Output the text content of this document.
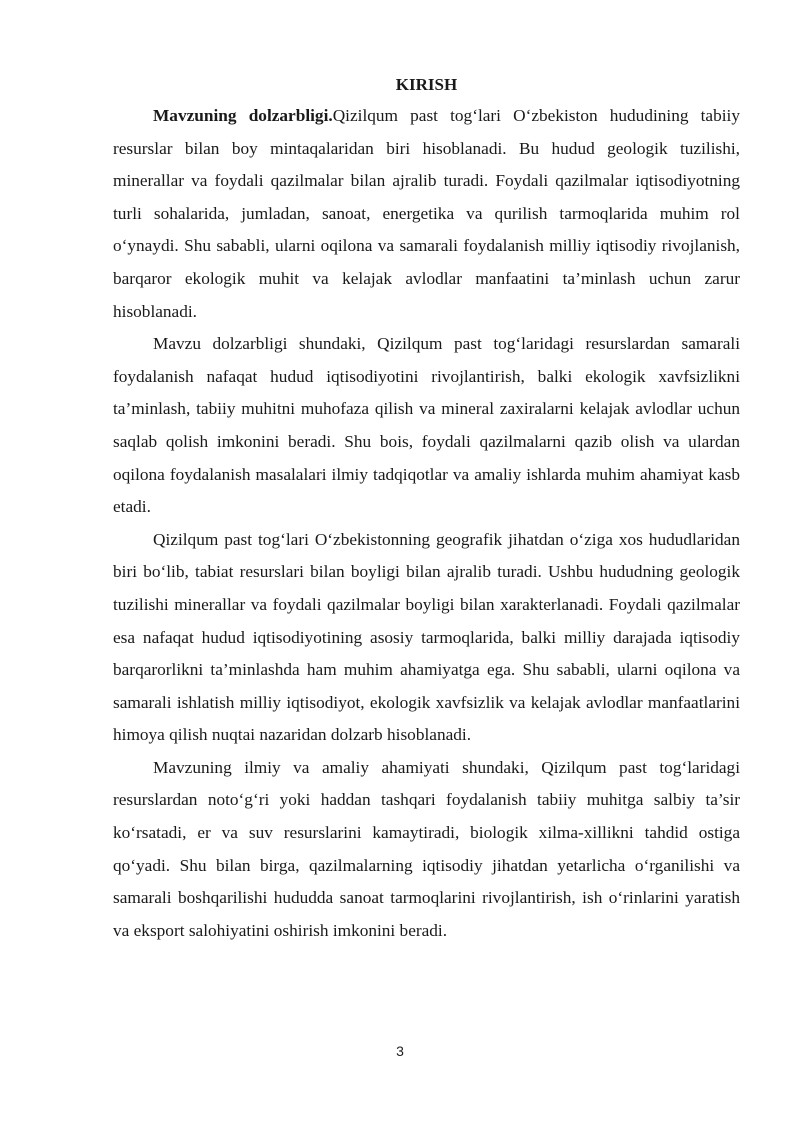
KIRISH

Mavzuning dolzarbligi.Qizilqum past tog‘lari O‘zbekiston hududining tabiiy resurslar bilan boy mintaqalaridan biri hisoblanadi. Bu hudud geologik tuzilishi, minerallar va foydali qazilmalar bilan ajralib turadi. Foydali qazilmalar iqtisodiyotning turli sohalarida, jumladan, sanoat, energetika va qurilish tarmoqlarida muhim rol o‘ynaydi. Shu sababli, ularni oqilona va samarali foydalanish milliy iqtisodiy rivojlanish, barqaror ekologik muhit va kelajak avlodlar manfaatini ta’minlash uchun zarur hisoblanadi.

Mavzu dolzarbligi shundaki, Qizilqum past tog‘laridagi resurslardan samarali foydalanish nafaqat hudud iqtisodiyotini rivojlantirish, balki ekologik xavfsizlikni ta’minlash, tabiiy muhitni muhofaza qilish va mineral zaxiralarni kelajak avlodlar uchun saqlab qolish imkonini beradi. Shu bois, foydali qazilmalarni qazib olish va ulardan oqilona foydalanish masalalari ilmiy tadqiqotlar va amaliy ishlarda muhim ahamiyat kasb etadi.

Qizilqum past tog‘lari O‘zbekistonning geografik jihatdan o‘ziga xos hududlaridan biri bo‘lib, tabiat resurslari bilan boyligi bilan ajralib turadi. Ushbu hududning geologik tuzilishi minerallar va foydali qazilmalar boyligi bilan xarakterlanadi. Foydali qazilmalar esa nafaqat hudud iqtisodiyotining asosiy tarmoqlarida, balki milliy darajada iqtisodiy barqarorlikni ta’minlashda ham muhim ahamiyatga ega. Shu sababli, ularni oqilona va samarali ishlatish milliy iqtisodiyot, ekologik xavfsizlik va kelajak avlodlar manfaatlarini himoya qilish nuqtai nazaridan dolzarb hisoblanadi.

Mavzuning ilmiy va amaliy ahamiyati shundaki, Qizilqum past tog‘laridagi resurslardan noto‘g‘ri yoki haddan tashqari foydalanish tabiiy muhitga salbiy ta’sir ko‘rsatadi, er va suv resurslarini kamaytiradi, biologik xilma-xillikni tahdid ostiga qo‘yadi. Shu bilan birga, qazilmalarning iqtisodiy jihatdan yetarlicha o‘rganilishi va samarali boshqarilishi hududda sanoat tarmoqlarini rivojlantirish, ish o‘rinlarini yaratish va eksport salohiyatini oshirish imkonini beradi.

3
